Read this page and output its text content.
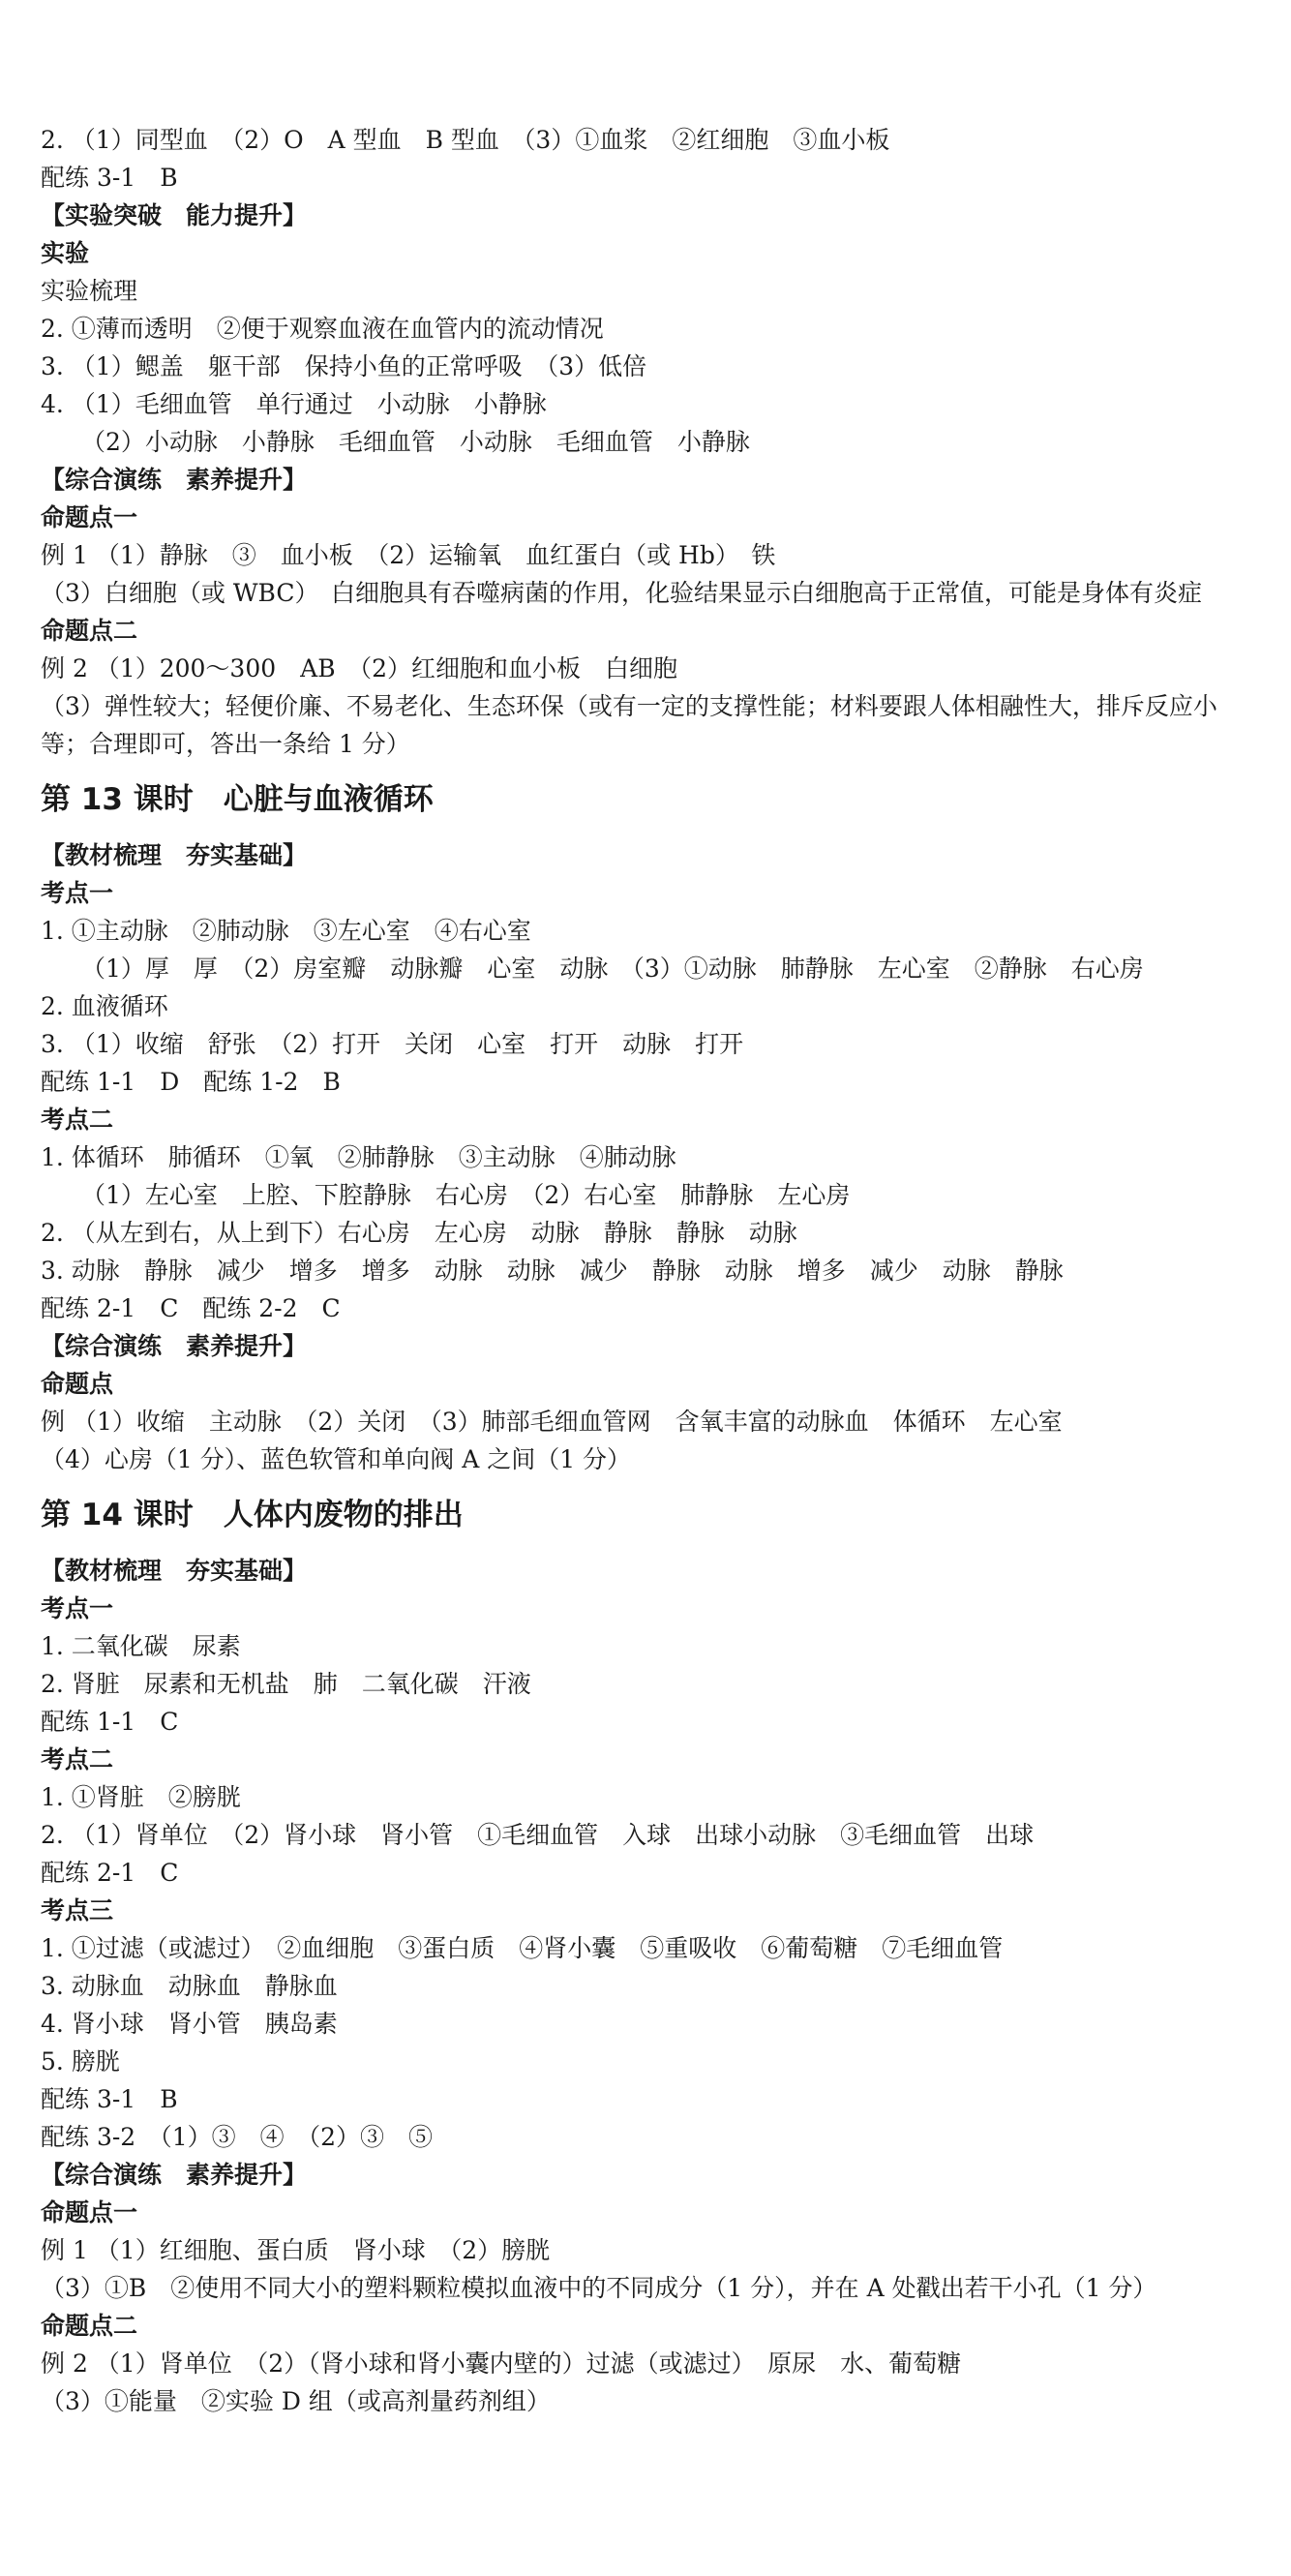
2. （1）同型血　（2）O　A 型血　B 型血　（3）①血浆　②红细胞　③血小板
配练 3-1　B
【实验突破　能力提升】
实验
实验梳理
2. ①薄而透明　②便于观察血液在血管内的流动情况
3. （1）鳃盖　躯干部　保持小鱼的正常呼吸　（3）低倍
4. （1）毛细血管　单行通过　小动脉　小静脉
（2）小动脉　小静脉　毛细血管　小动脉　毛细血管　小静脉
【综合演练　素养提升】
命题点一
例 1 （1）静脉　③　血小板　（2）运输氧　血红蛋白（或 Hb）　铁
（3）白细胞（或 WBC）　白细胞具有吞噬病菌的作用，化验结果显示白细胞高于正常值，可能是身体有炎症
命题点二
例 2 （1）200～300　AB　（2）红细胞和血小板　白细胞
（3）弹性较大；轻便价廉、不易老化、生态环保（或有一定的支撑性能；材料要跟人体相融性大，排斥反应小等；合理即可，答出一条给 1 分）
第 13 课时　心脏与血液循环
【教材梳理　夯实基础】
考点一
1. ①主动脉　②肺动脉　③左心室　④右心室
（1）厚　厚　（2）房室瓣　动脉瓣　心室　动脉　（3）①动脉　肺静脉　左心室　②静脉　右心房
2. 血液循环
3. （1）收缩　舒张　（2）打开　关闭　心室　打开　动脉　打开
配练 1-1　D　配练 1-2　B
考点二
1. 体循环　肺循环　①氧　②肺静脉　③主动脉　④肺动脉
（1）左心室　上腔、下腔静脉　右心房　（2）右心室　肺静脉　左心房
2. （从左到右，从上到下）右心房　左心房　动脉　静脉　静脉　动脉
3. 动脉　静脉　减少　增多　增多　动脉　动脉　减少　静脉　动脉　增多　减少　动脉　静脉
配练 2-1　C　配练 2-2　C
【综合演练　素养提升】
命题点
例 （1）收缩　主动脉　（2）关闭　（3）肺部毛细血管网　含氧丰富的动脉血　体循环　左心室
（4）心房（1 分）、蓝色软管和单向阀 A 之间（1 分）
第 14 课时　人体内废物的排出
【教材梳理　夯实基础】
考点一
1. 二氧化碳　尿素
2. 肾脏　尿素和无机盐　肺　二氧化碳　汗液
配练 1-1　C
考点二
1. ①肾脏　②膀胱
2. （1）肾单位　（2）肾小球　肾小管　①毛细血管　入球　出球小动脉　③毛细血管　出球
配练 2-1　C
考点三
1. ①过滤（或滤过）　②血细胞　③蛋白质　④肾小囊　⑤重吸收　⑥葡萄糖　⑦毛细血管
3. 动脉血　动脉血　静脉血
4. 肾小球　肾小管　胰岛素
5. 膀胱
配练 3-1　B
配练 3-2　（1）③　④　（2）③　⑤
【综合演练　素养提升】
命题点一
例 1 （1）红细胞、蛋白质　肾小球　（2）膀胱
（3）①B　②使用不同大小的塑料颗粒模拟血液中的不同成分（1 分），并在 A 处戳出若干小孔（1 分）
命题点二
例 2 （1）肾单位　（2）（肾小球和肾小囊内壁的）过滤（或滤过）　原尿　水、葡萄糖
（3）①能量　②实验 D 组（或高剂量药剂组）
